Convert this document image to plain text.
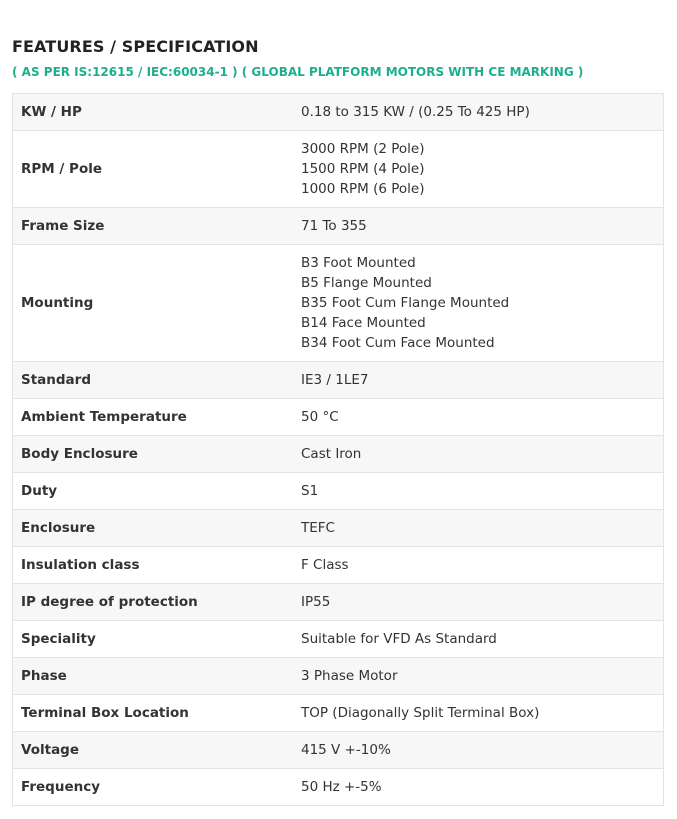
FEATURES / SPECIFICATION

( AS PER IS:12615 / IEC:60034-1 ) ( GLOBAL PLATFORM MOTORS WITH CE MARKING )

KW / HP	0.18 to 315 KW / (0.25 To 425 HP)

RPM / Pole	3000 RPM (2 Pole)
1500 RPM (4 Pole)
1000 RPM (6 Pole)

Frame Size	71 To 355

Mounting	B3 Foot Mounted
B5 Flange Mounted
B35 Foot Cum Flange Mounted
B14 Face Mounted
B34 Foot Cum Face Mounted

Standard	IE3 / 1LE7

Ambient Temperature	50 °C

Body Enclosure	Cast Iron

Duty	S1

Enclosure	TEFC

Insulation class	F Class

IP degree of protection	IP55

Speciality	Suitable for VFD As Standard

Phase	3 Phase Motor

Terminal Box Location	TOP (Diagonally Split Terminal Box)

Voltage	415 V +-10%

Frequency	50 Hz +-5%
